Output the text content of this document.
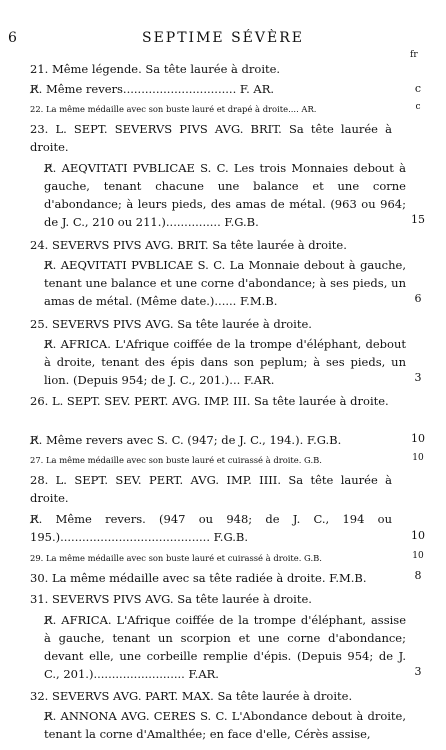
6	SEPTIME SÉVÈRE
fr
21. Même légende. Sa tête laurée à droite.
R̸. Même revers............................... F. AR.	c
22. La même médaille avec son buste lauré et drapé à droite.... AR.	c
23. L. SEPT. SEVERVS PIVS AVG. BRIT. Sa tête laurée à droite.
R̸. AEQVITATI PVBLICAE S. C. Les trois Monnaies debout à gauche, tenant chacune une balance et une corne d'abondance; à leurs pieds, des amas de métal. (963 ou 964; de J. C., 210 ou 211.)............... F.G.B.	15
24. SEVERVS PIVS AVG. BRIT. Sa tête laurée à droite.
R̸. AEQVITATI PVBLICAE S. C. La Monnaie debout à gauche, tenant une balance et une corne d'abondance; à ses pieds, un amas de métal. (Même date.)...... F.M.B.	6
25. SEVERVS PIVS AVG. Sa tête laurée à droite.
R̸. AFRICA. L'Afrique coiffée de la trompe d'éléphant, debout à droite, tenant des épis dans son peplum; à ses pieds, un lion. (Depuis 954; de J. C., 201.)... F.AR.	3
26. L. SEPT. SEV. PERT. AVG. IMP. III. Sa tête laurée à droite.
R̸. Même revers avec S. C. (947; de J. C., 194.). F.G.B.	10
27. La même médaille avec son buste lauré et cuirassé à droite. G.B.	10
28. L. SEPT. SEV. PERT. AVG. IMP. IIII. Sa tête laurée à droite.
R̸. Même revers. (947 ou 948; de J. C., 194 ou 195.)......................................... F.G.B.	10
29. La même médaille avec son buste lauré et cuirassé à droite. G.B.	10
30. La même médaille avec sa tête radiée à droite. F.M.B.	8
31. SEVERVS PIVS AVG. Sa tête laurée à droite.
R̸. AFRICA. L'Afrique coiffée de la trompe d'éléphant, assise à gauche, tenant un scorpion et une corne d'abondance; devant elle, une corbeille remplie d'épis. (Depuis 954; de J. C., 201.)......................... F.AR.	3
32. SEVERVS AVG. PART. MAX. Sa tête laurée à droite.
R̸. ANNONA AVG. CERES S. C. L'Abondance debout à droite, tenant la corne d'Amalthée; en face d'elle, Cérès assise,
